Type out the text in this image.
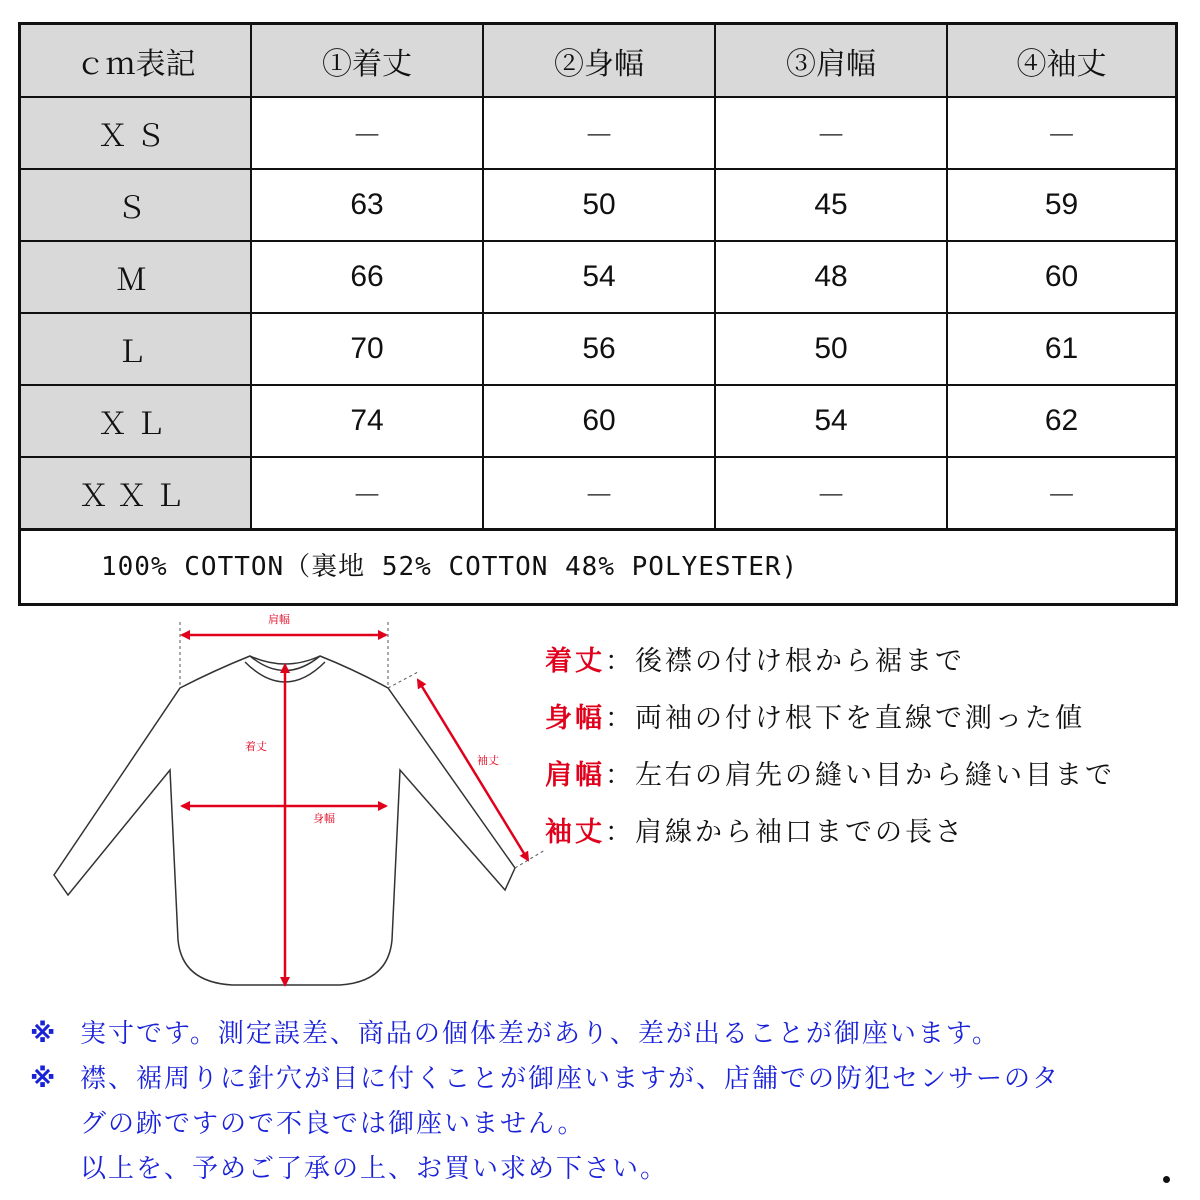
ｃｍ表記	①着丈	②身幅	③肩幅	④袖丈
ＸＳ	－	－	－	－
Ｓ	63	50	45	59
Ｍ	66	54	48	60
Ｌ	70	56	50	61
ＸＬ	74	60	54	62
ＸＸＬ	－	－	－	－
100% COTTON（裏地 52% COTTON 48% POLYESTER)
肩幅
着丈
袖丈
身幅
着丈：後襟の付け根から裾まで
身幅：両袖の付け根下を直線で測った値
肩幅：左右の肩先の縫い目から縫い目まで
袖丈：肩線から袖口までの長さ
※ 実寸です。測定誤差、商品の個体差があり、差が出ることが御座います。
※ 襟、裾周りに針穴が目に付くことが御座いますが、店舗での防犯センサーのタ
グの跡ですので不良では御座いません。
以上を、予めご了承の上、お買い求め下さい。
